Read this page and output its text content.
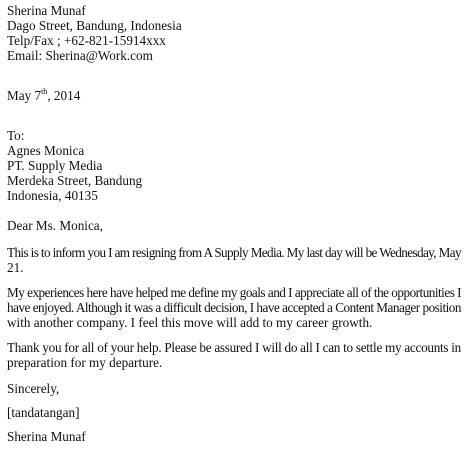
Sherina Munaf
Dago Street, Bandung, Indonesia
Telp/Fax ; +62-821-15914xxx
Email: Sherina@Work.com
May 7th, 2014
To:
Agnes Monica
PT. Supply Media
Merdeka Street, Bandung
Indonesia, 40135
Dear Ms. Monica,
This is to inform you I am resigning from A Supply Media. My last day will be Wednesday, May
21.
My experiences here have helped me define my goals and I appreciate all of the opportunities I
have enjoyed. Although it was a difficult decision, I have accepted a Content Manager position
with another company. I feel this move will add to my career growth.
Thank you for all of your help. Please be assured I will do all I can to settle my accounts in
preparation for my departure.
Sincerely,
[tandatangan]
Sherina Munaf
